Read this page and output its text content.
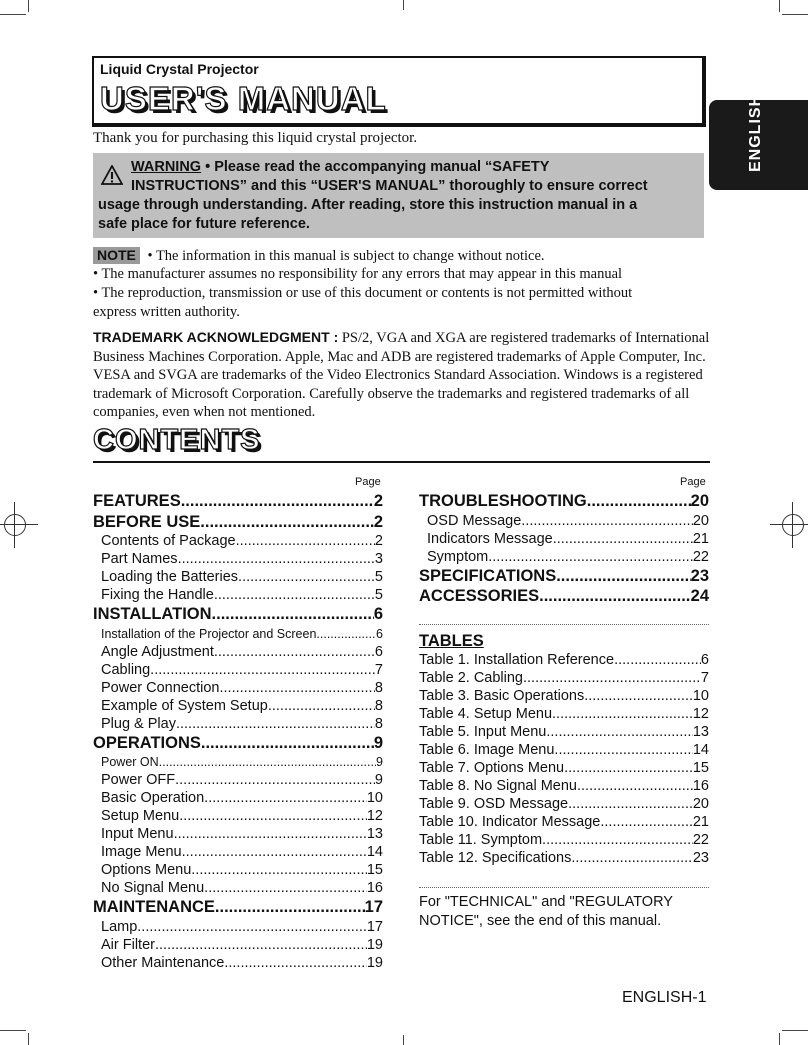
Liquid Crystal Projector
USER'S MANUAL	ENGLISH
Thank you for purchasing this liquid crystal projector.
WARNING • Please read the accompanying manual “SAFETY
INSTRUCTIONS” and this “USER'S MANUAL” thoroughly to ensure correct
usage through understanding. After reading, store this instruction manual in a
safe place for future reference.
NOTE • The information in this manual is subject to change without notice.
• The manufacturer assumes no responsibility for any errors that may appear in this manual
• The reproduction, transmission or use of this document or contents is not permitted without
express written authority.
TRADEMARK ACKNOWLEDGMENT : PS/2, VGA and XGA are registered trademarks of International Business Machines Corporation. Apple, Mac and ADB are registered trademarks of Apple Computer, Inc. VESA and SVGA are trademarks of the Video Electronics Standard Association. Windows is a registered trademark of Microsoft Corporation. Carefully observe the trademarks and registered trademarks of all companies, even when not mentioned.
CONTENTS
Page	Page
FEATURES .....	2
BEFORE USE .....	2
Contents of Package .....	2
Part Names .....	3
Loading the Batteries .....	5
Fixing the Handle .....	5
INSTALLATION .....	6
Installation of the Projector and Screen .....	6
Angle Adjustment .....	6
Cabling .....	7
Power Connection .....	8
Example of System Setup .....	8
Plug & Play .....	8
OPERATIONS .....	9
Power ON .....	9
Power OFF .....	9
Basic Operation .....	10
Setup Menu .....	12
Input Menu .....	13
Image Menu .....	14
Options Menu .....	15
No Signal Menu .....	16
MAINTENANCE .....	17
Lamp .....	17
Air Filter .....	19
Other Maintenance .....	19
TROUBLESHOOTING .....	20
OSD Message .....	20
Indicators Message .....	21
Symptom .....	22
SPECIFICATIONS .....	23
ACCESSORIES .....	24
TABLES
Table 1. Installation Reference .....	6
Table 2. Cabling .....	7
Table 3. Basic Operations .....	10
Table 4. Setup Menu .....	12
Table 5. Input Menu .....	13
Table 6. Image Menu .....	14
Table 7. Options Menu .....	15
Table 8. No Signal Menu .....	16
Table 9. OSD Message .....	20
Table 10. Indicator Message .....	21
Table 11. Symptom .....	22
Table 12. Specifications .....	23
For "TECHNICAL" and "REGULATORY
NOTICE", see the end of this manual.
ENGLISH-1
